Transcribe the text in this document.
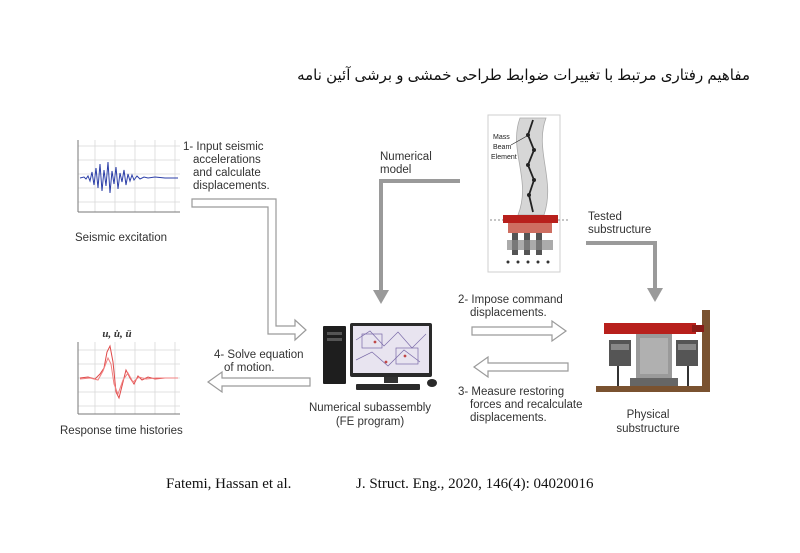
مفاهیم رفتاری مرتبط با تغییرات ضوابط طراحی خمشی و برشی آئین نامه
Seismic excitation
u, u̇, ü
Response time histories
Mass
Beam
Element
Numerical subassembly
(FE program)
Physical
substructure
1- Input seismic
accelerations
and calculate
displacements.
Numerical
model
Tested
substructure
2- Impose command
displacements.
3- Measure restoring
forces and recalculate
displacements.
4- Solve equation
of motion.
Fatemi, Hassan et al.	J. Struct. Eng., 2020, 146(4): 04020016
